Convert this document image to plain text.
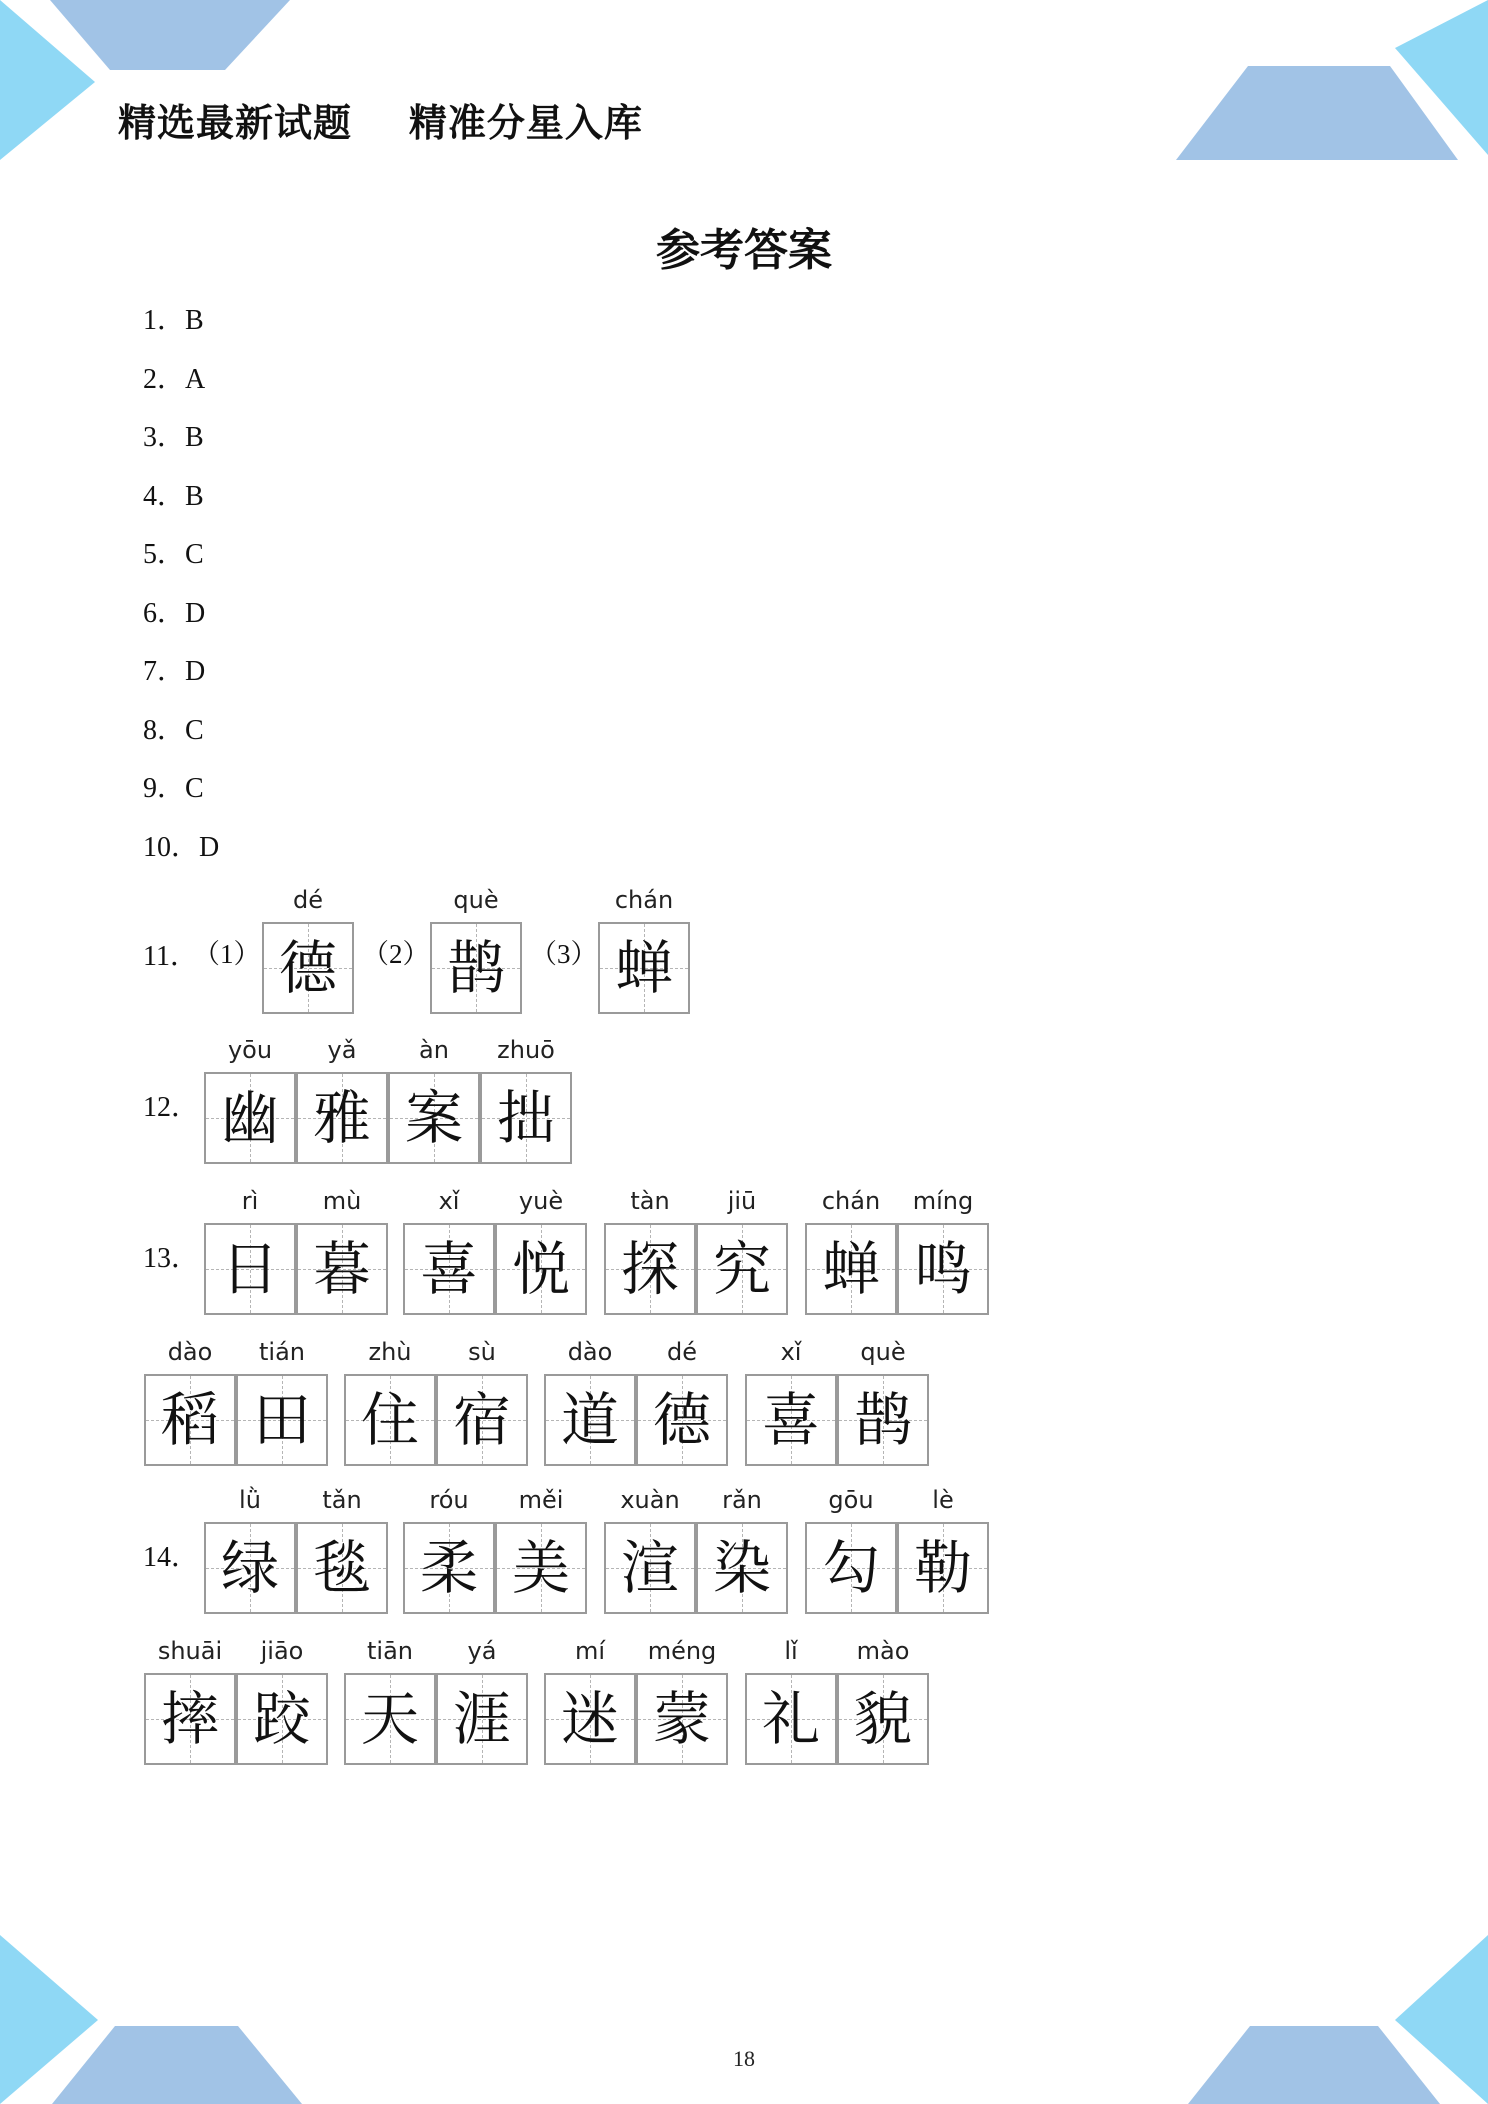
精选最新试题    精准分星入库
参考答案
1．B
2．A
3．B
4．B
5．C
6．D
7．D
8．C
9．C
10．D
11．
（1）
dé
德 （2）
què
鹊 （3）
chán
蝉
12．
yōu
幽
yǎ
雅
àn
案
zhuō
拙
13．
rì
日
mù
暮
xǐ
喜
yuè
悦
tàn
探
jiū
究
chán
蝉
míng
鸣
dào
稻
tián
田
zhù
住
sù
宿
dào
道
dé
德
xǐ
喜
què
鹊
14．
lǜ
绿
tǎn
毯
róu
柔
měi
美
xuàn
渲
rǎn
染
gōu
勾
lè
勒
shuāi
摔
jiāo
跤
tiān
天
yá
涯
mí
迷
méng
蒙
lǐ
礼
mào
貌
18
